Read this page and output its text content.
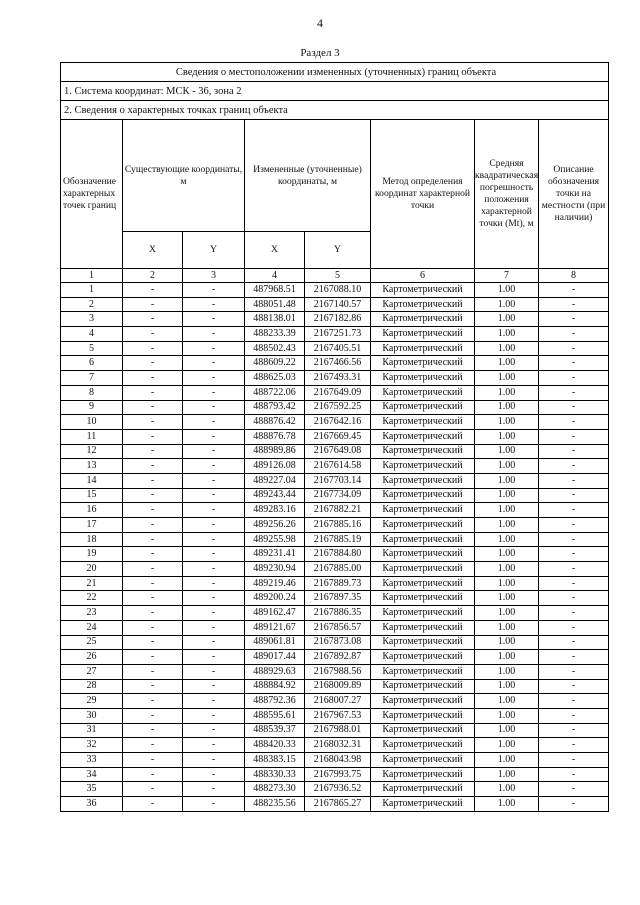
4
Раздел 3
Сведения о местоположении измененных (уточненных) границ объекта							
1. Система координат: МСК - 36, зона 2							
2. Сведения о характерных точках границ объекта							
Обозначение характерных точек границ	Существующие координаты, м		Измененные (уточненные) координаты, м		Метод определения координат характерной точки	Средняя квадратическая погрешность положения характерной точки (Mt), м	Описание обозначения точки на местности (при наличии)
	X	Y	X	Y			
1	2	3	4	5	6	7	8
1	-	-	487968.51	2167088.10	Картометрический	1.00	-
2	-	-	488051.48	2167140.57	Картометрический	1.00	-
3	-	-	488138.01	2167182.86	Картометрический	1.00	-
4	-	-	488233.39	2167251.73	Картометрический	1.00	-
5	-	-	488502.43	2167405.51	Картометрический	1.00	-
6	-	-	488609.22	2167466.56	Картометрический	1.00	-
7	-	-	488625.03	2167493.31	Картометрический	1.00	-
8	-	-	488722.06	2167649.09	Картометрический	1.00	-
9	-	-	488793.42	2167592.25	Картометрический	1.00	-
10	-	-	488876.42	2167642.16	Картометрический	1.00	-
11	-	-	488876.78	2167669.45	Картометрический	1.00	-
12	-	-	488989.86	2167649.08	Картометрический	1.00	-
13	-	-	489126.08	2167614.58	Картометрический	1.00	-
14	-	-	489227.04	2167703.14	Картометрический	1.00	-
15	-	-	489243.44	2167734.09	Картометрический	1.00	-
16	-	-	489283.16	2167882.21	Картометрический	1.00	-
17	-	-	489256.26	2167885.16	Картометрический	1.00	-
18	-	-	489255.98	2167885.19	Картометрический	1.00	-
19	-	-	489231.41	2167884.80	Картометрический	1.00	-
20	-	-	489230.94	2167885.00	Картометрический	1.00	-
21	-	-	489219.46	2167889.73	Картометрический	1.00	-
22	-	-	489200.24	2167897.35	Картометрический	1.00	-
23	-	-	489162.47	2167886.35	Картометрический	1.00	-
24	-	-	489121.67	2167856.57	Картометрический	1.00	-
25	-	-	489061.81	2167873.08	Картометрический	1.00	-
26	-	-	489017.44	2167892.87	Картометрический	1.00	-
27	-	-	488929.63	2167988.56	Картометрический	1.00	-
28	-	-	488884.92	2168009.89	Картометрический	1.00	-
29	-	-	488792.36	2168007.27	Картометрический	1.00	-
30	-	-	488595.61	2167967.53	Картометрический	1.00	-
31	-	-	488539.37	2167988.01	Картометрический	1.00	-
32	-	-	488420.33	2168032.31	Картометрический	1.00	-
33	-	-	488383.15	2168043.98	Картометрический	1.00	-
34	-	-	488330.33	2167993.75	Картометрический	1.00	-
35	-	-	488273.30	2167936.52	Картометрический	1.00	-
36	-	-	488235.56	2167865.27	Картометрический	1.00	-
